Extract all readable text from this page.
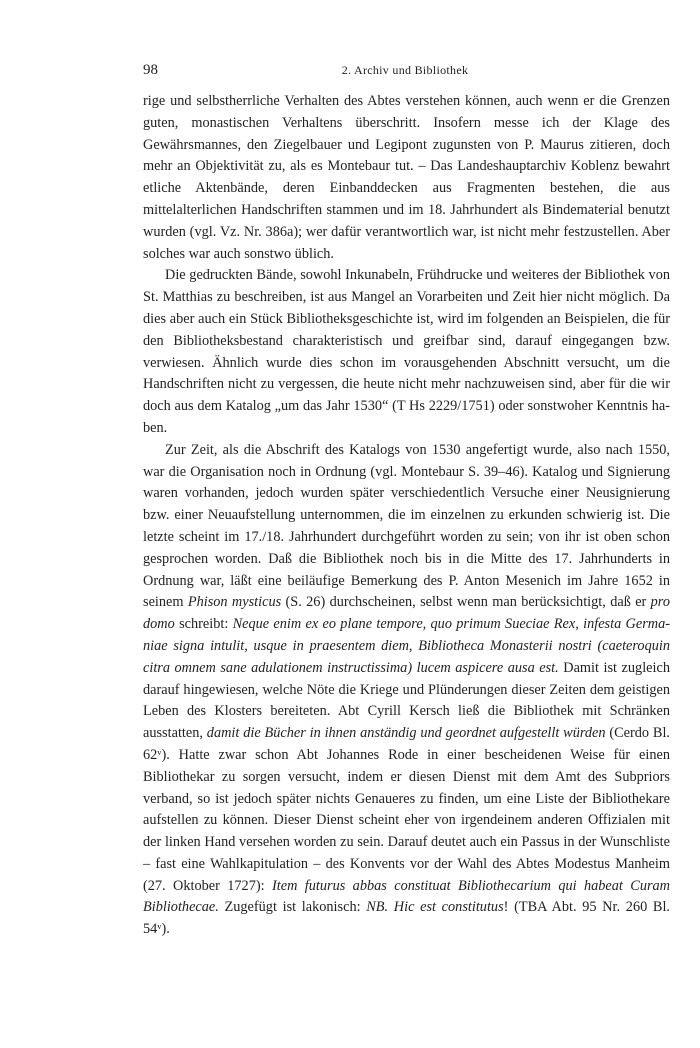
98	2. Archiv und Bibliothek

rige und selbstherrliche Verhalten des Abtes verstehen können, auch wenn er die Grenzen guten, monastischen Verhaltens überschritt. Insofern messe ich der Klage des Gewährsmannes, den Ziegelbauer und Legipont zugunsten von P. Maurus zitieren, doch mehr an Objektivität zu, als es Montebaur tut. – Das Landeshauptarchiv Koblenz bewahrt etliche Aktenbände, deren Einbanddecken aus Fragmenten bestehen, die aus mittelalterlichen Handschriften stammen und im 18. Jahrhundert als Bindematerial benutzt wurden (vgl. Vz. Nr. 386a); wer dafür verantwortlich war, ist nicht mehr festzustellen. Aber solches war auch sonstwo üblich.

Die gedruckten Bände, sowohl Inkunabeln, Frühdrucke und weiteres der Bibliothek von St. Matthias zu beschreiben, ist aus Mangel an Vorarbeiten und Zeit hier nicht möglich. Da dies aber auch ein Stück Bibliotheksgeschichte ist, wird im folgenden an Beispielen, die für den Bibliotheksbestand charakteristisch und greifbar sind, darauf eingegangen bzw. verwiesen. Ähnlich wurde dies schon im vorausgehenden Abschnitt versucht, um die Handschriften nicht zu vergessen, die heute nicht mehr nachzuweisen sind, aber für die wir doch aus dem Katalog „um das Jahr 1530“ (T Hs 2229/1751) oder sonstwoher Kenntnis haben.

Zur Zeit, als die Abschrift des Katalogs von 1530 angefertigt wurde, also nach 1550, war die Organisation noch in Ordnung (vgl. Montebaur S. 39–46). Katalog und Signierung waren vorhanden, jedoch wurden später verschiedentlich Versuche einer Neusignierung bzw. einer Neuaufstellung unternommen, die im einzelnen zu erkunden schwierig ist. Die letzte scheint im 17./18. Jahrhundert durchgeführt worden zu sein; von ihr ist oben schon gesprochen worden. Daß die Bibliothek noch bis in die Mitte des 17. Jahrhunderts in Ordnung war, läßt eine beiläufige Bemerkung des P. Anton Mesenich im Jahre 1652 in seinem Phison mysticus (S. 26) durchscheinen, selbst wenn man berücksichtigt, daß er pro domo schreibt: Neque enim ex eo plane tempore, quo primum Sueciae Rex, infesta Germaniae signa intulit, usque in praesentem diem, Bibliotheca Monasterii nostri (caeteroquin citra omnem sane adulationem instructissima) lucem aspicere ausa est. Damit ist zugleich darauf hingewiesen, welche Nöte die Kriege und Plünderungen dieser Zeiten dem geistigen Leben des Klosters bereiteten. Abt Cyrill Kersch ließ die Bibliothek mit Schränken ausstatten, damit die Bücher in ihnen anständig und geordnet aufgestellt würden (Cerdo Bl. 62ᵛ). Hatte zwar schon Abt Johannes Rode in einer bescheidenen Weise für einen Bibliothekar zu sorgen versucht, indem er diesen Dienst mit dem Amt des Subpriors verband, so ist jedoch später nichts Genaueres zu finden, um eine Liste der Bibliothekare aufstellen zu können. Dieser Dienst scheint eher von irgendeinem anderen Offizialen mit der linken Hand versehen worden zu sein. Darauf deutet auch ein Passus in der Wunschliste – fast eine Wahlkapitulation – des Konvents vor der Wahl des Abtes Modestus Manheim (27. Oktober 1727): Item futurus abbas constituat Bibliothecarium qui habeat Curam Bibliothecae. Zugefügt ist lakonisch: NB. Hic est constitutus! (TBA Abt. 95 Nr. 260 Bl. 54ᵛ).
